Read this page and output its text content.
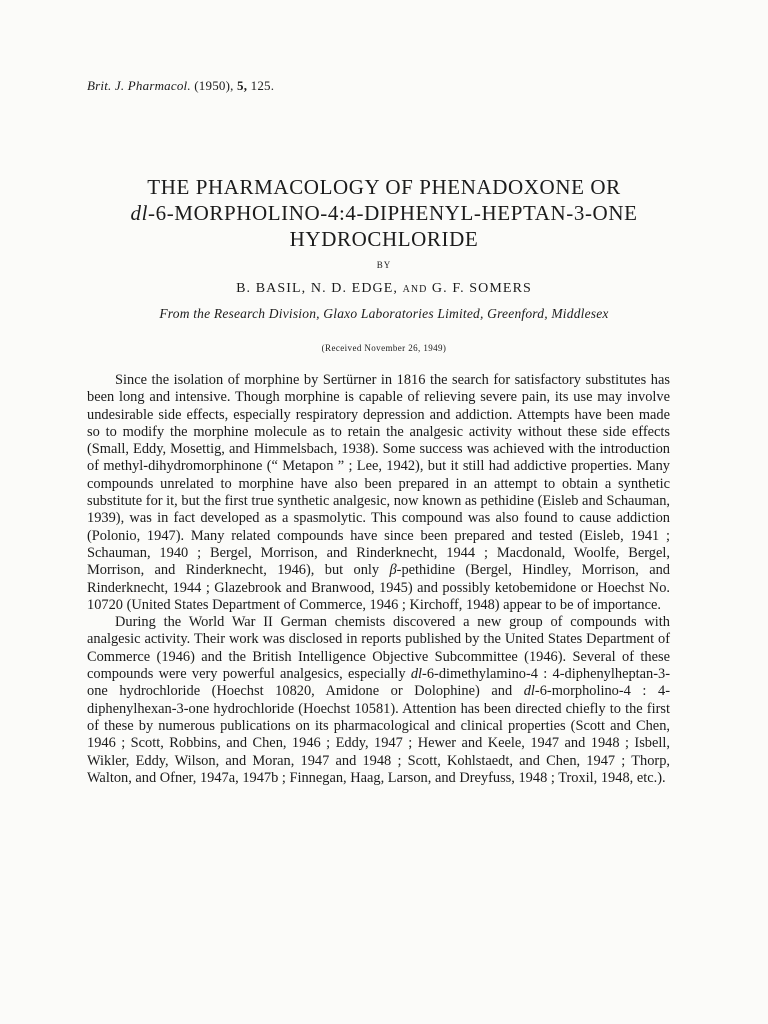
Brit. J. Pharmacol. (1950), 5, 125.
THE PHARMACOLOGY OF PHENADOXONE OR
dl-6-MORPHOLINO-4:4-DIPHENYL-HEPTAN-3-ONE
HYDROCHLORIDE
BY
B. BASIL, N. D. EDGE, AND G. F. SOMERS
From the Research Division, Glaxo Laboratories Limited, Greenford, Middlesex
(Received November 26, 1949)

Since the isolation of morphine by Sertürner in 1816 the search for satisfactory substitutes has been long and intensive. Though morphine is capable of relieving severe pain, its use may involve undesirable side effects, especially respiratory depression and addiction. Attempts have been made so to modify the morphine molecule as to retain the analgesic activity without these side effects (Small, Eddy, Mosettig, and Himmelsbach, 1938). Some success was achieved with the introduction of methyl-dihydromorphinone (“ Metapon ” ; Lee, 1942), but it still had addictive properties. Many compounds unrelated to morphine have also been prepared in an attempt to obtain a synthetic substitute for it, but the first true synthetic analgesic, now known as pethidine (Eisleb and Schauman, 1939), was in fact developed as a spasmolytic. This compound was also found to cause addiction (Polonio, 1947). Many related compounds have since been prepared and tested (Eisleb, 1941 ; Schauman, 1940 ; Bergel, Morrison, and Rinderknecht, 1944 ; Macdonald, Woolfe, Bergel, Morrison, and Rinderknecht, 1946), but only β-pethidine (Bergel, Hindley, Morrison, and Rinderknecht, 1944 ; Glazebrook and Branwood, 1945) and possibly ketobemidone or Hoechst No. 10720 (United States Department of Commerce, 1946 ; Kirchoff, 1948) appear to be of importance.

During the World War II German chemists discovered a new group of compounds with analgesic activity. Their work was disclosed in reports published by the United States Department of Commerce (1946) and the British Intelligence Objective Subcommittee (1946). Several of these compounds were very powerful analgesics, especially dl-6-dimethylamino-4 : 4-diphenylheptan-3-one hydrochloride (Hoechst 10820, Amidone or Dolophine) and dl-6-morpholino-4 : 4-diphenylhexan-3-one hydrochloride (Hoechst 10581). Attention has been directed chiefly to the first of these by numerous publications on its pharmacological and clinical properties (Scott and Chen, 1946 ; Scott, Robbins, and Chen, 1946 ; Eddy, 1947 ; Hewer and Keele, 1947 and 1948 ; Isbell, Wikler, Eddy, Wilson, and Moran, 1947 and 1948 ; Scott, Kohlstaedt, and Chen, 1947 ; Thorp, Walton, and Ofner, 1947a, 1947b ; Finnegan, Haag, Larson, and Dreyfuss, 1948 ; Troxil, 1948, etc.).
